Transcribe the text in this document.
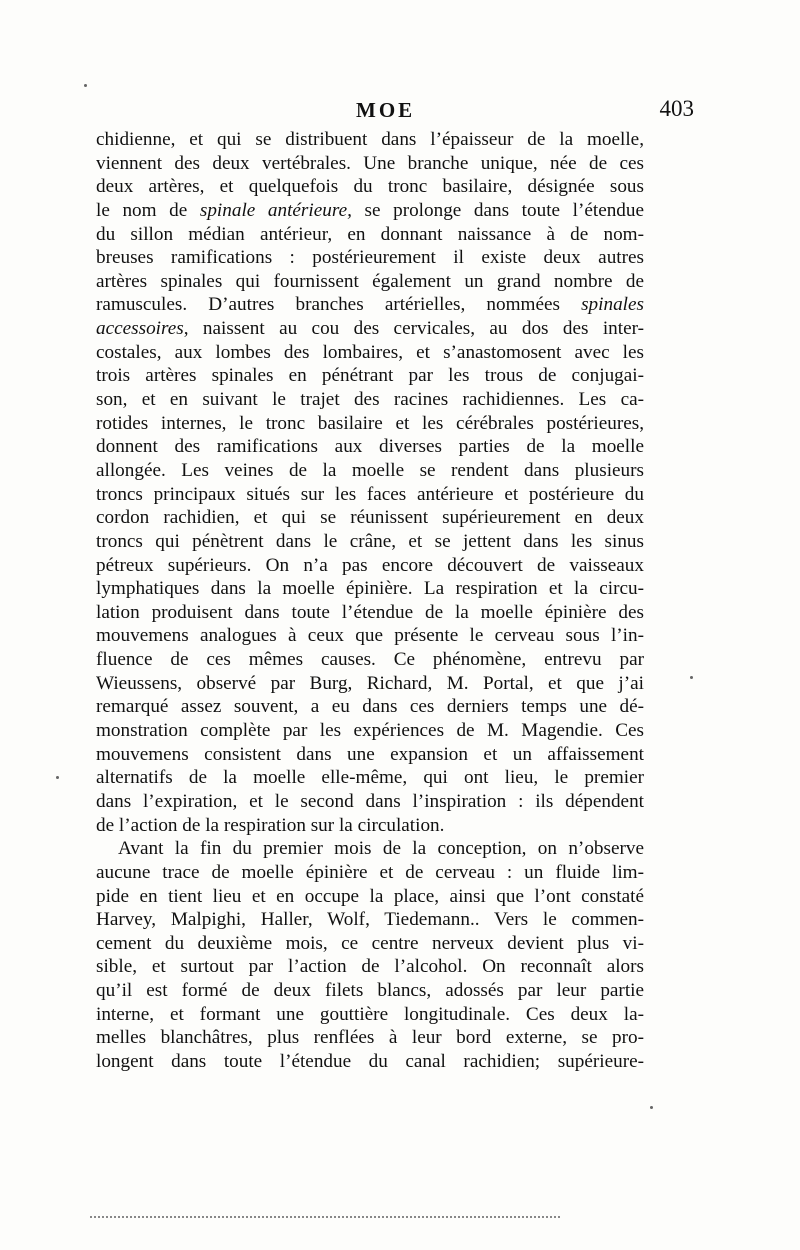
MOE	403
chidienne, et qui se distribuent dans l’épaisseur de la moelle,
viennent des deux vertébrales. Une branche unique, née de ces
deux artères, et quelquefois du tronc basilaire, désignée sous
le nom de spinale antérieure, se prolonge dans toute l’étendue
du sillon médian antérieur, en donnant naissance à de nom-
breuses ramifications : postérieurement il existe deux autres
artères spinales qui fournissent également un grand nombre de
ramuscules. D’autres branches artérielles, nommées spinales
accessoires, naissent au cou des cervicales, au dos des inter-
costales, aux lombes des lombaires, et s’anastomosent avec les
trois artères spinales en pénétrant par les trous de conjugai-
son, et en suivant le trajet des racines rachidiennes. Les ca-
rotides internes, le tronc basilaire et les cérébrales postérieures,
donnent des ramifications aux diverses parties de la moelle
allongée. Les veines de la moelle se rendent dans plusieurs
troncs principaux situés sur les faces antérieure et postérieure du
cordon rachidien, et qui se réunissent supérieurement en deux
troncs qui pénètrent dans le crâne, et se jettent dans les sinus
pétreux supérieurs. On n’a pas encore découvert de vaisseaux
lymphatiques dans la moelle épinière. La respiration et la circu-
lation produisent dans toute l’étendue de la moelle épinière des
mouvemens analogues à ceux que présente le cerveau sous l’in-
fluence de ces mêmes causes. Ce phénomène, entrevu par
Wieussens, observé par Burg, Richard, M. Portal, et que j’ai
remarqué assez souvent, a eu dans ces derniers temps une dé-
monstration complète par les expériences de M. Magendie. Ces
mouvemens consistent dans une expansion et un affaissement
alternatifs de la moelle elle-même, qui ont lieu, le premier
dans l’expiration, et le second dans l’inspiration : ils dépendent
de l’action de la respiration sur la circulation.
Avant la fin du premier mois de la conception, on n’observe
aucune trace de moelle épinière et de cerveau : un fluide lim-
pide en tient lieu et en occupe la place, ainsi que l’ont constaté
Harvey, Malpighi, Haller, Wolf, Tiedemann.. Vers le commen-
cement du deuxième mois, ce centre nerveux devient plus vi-
sible, et surtout par l’action de l’alcohol. On reconnaît alors
qu’il est formé de deux filets blancs, adossés par leur partie
interne, et formant une gouttière longitudinale. Ces deux la-
melles blanchâtres, plus renflées à leur bord externe, se pro-
longent dans toute l’étendue du canal rachidien; supérieure-
